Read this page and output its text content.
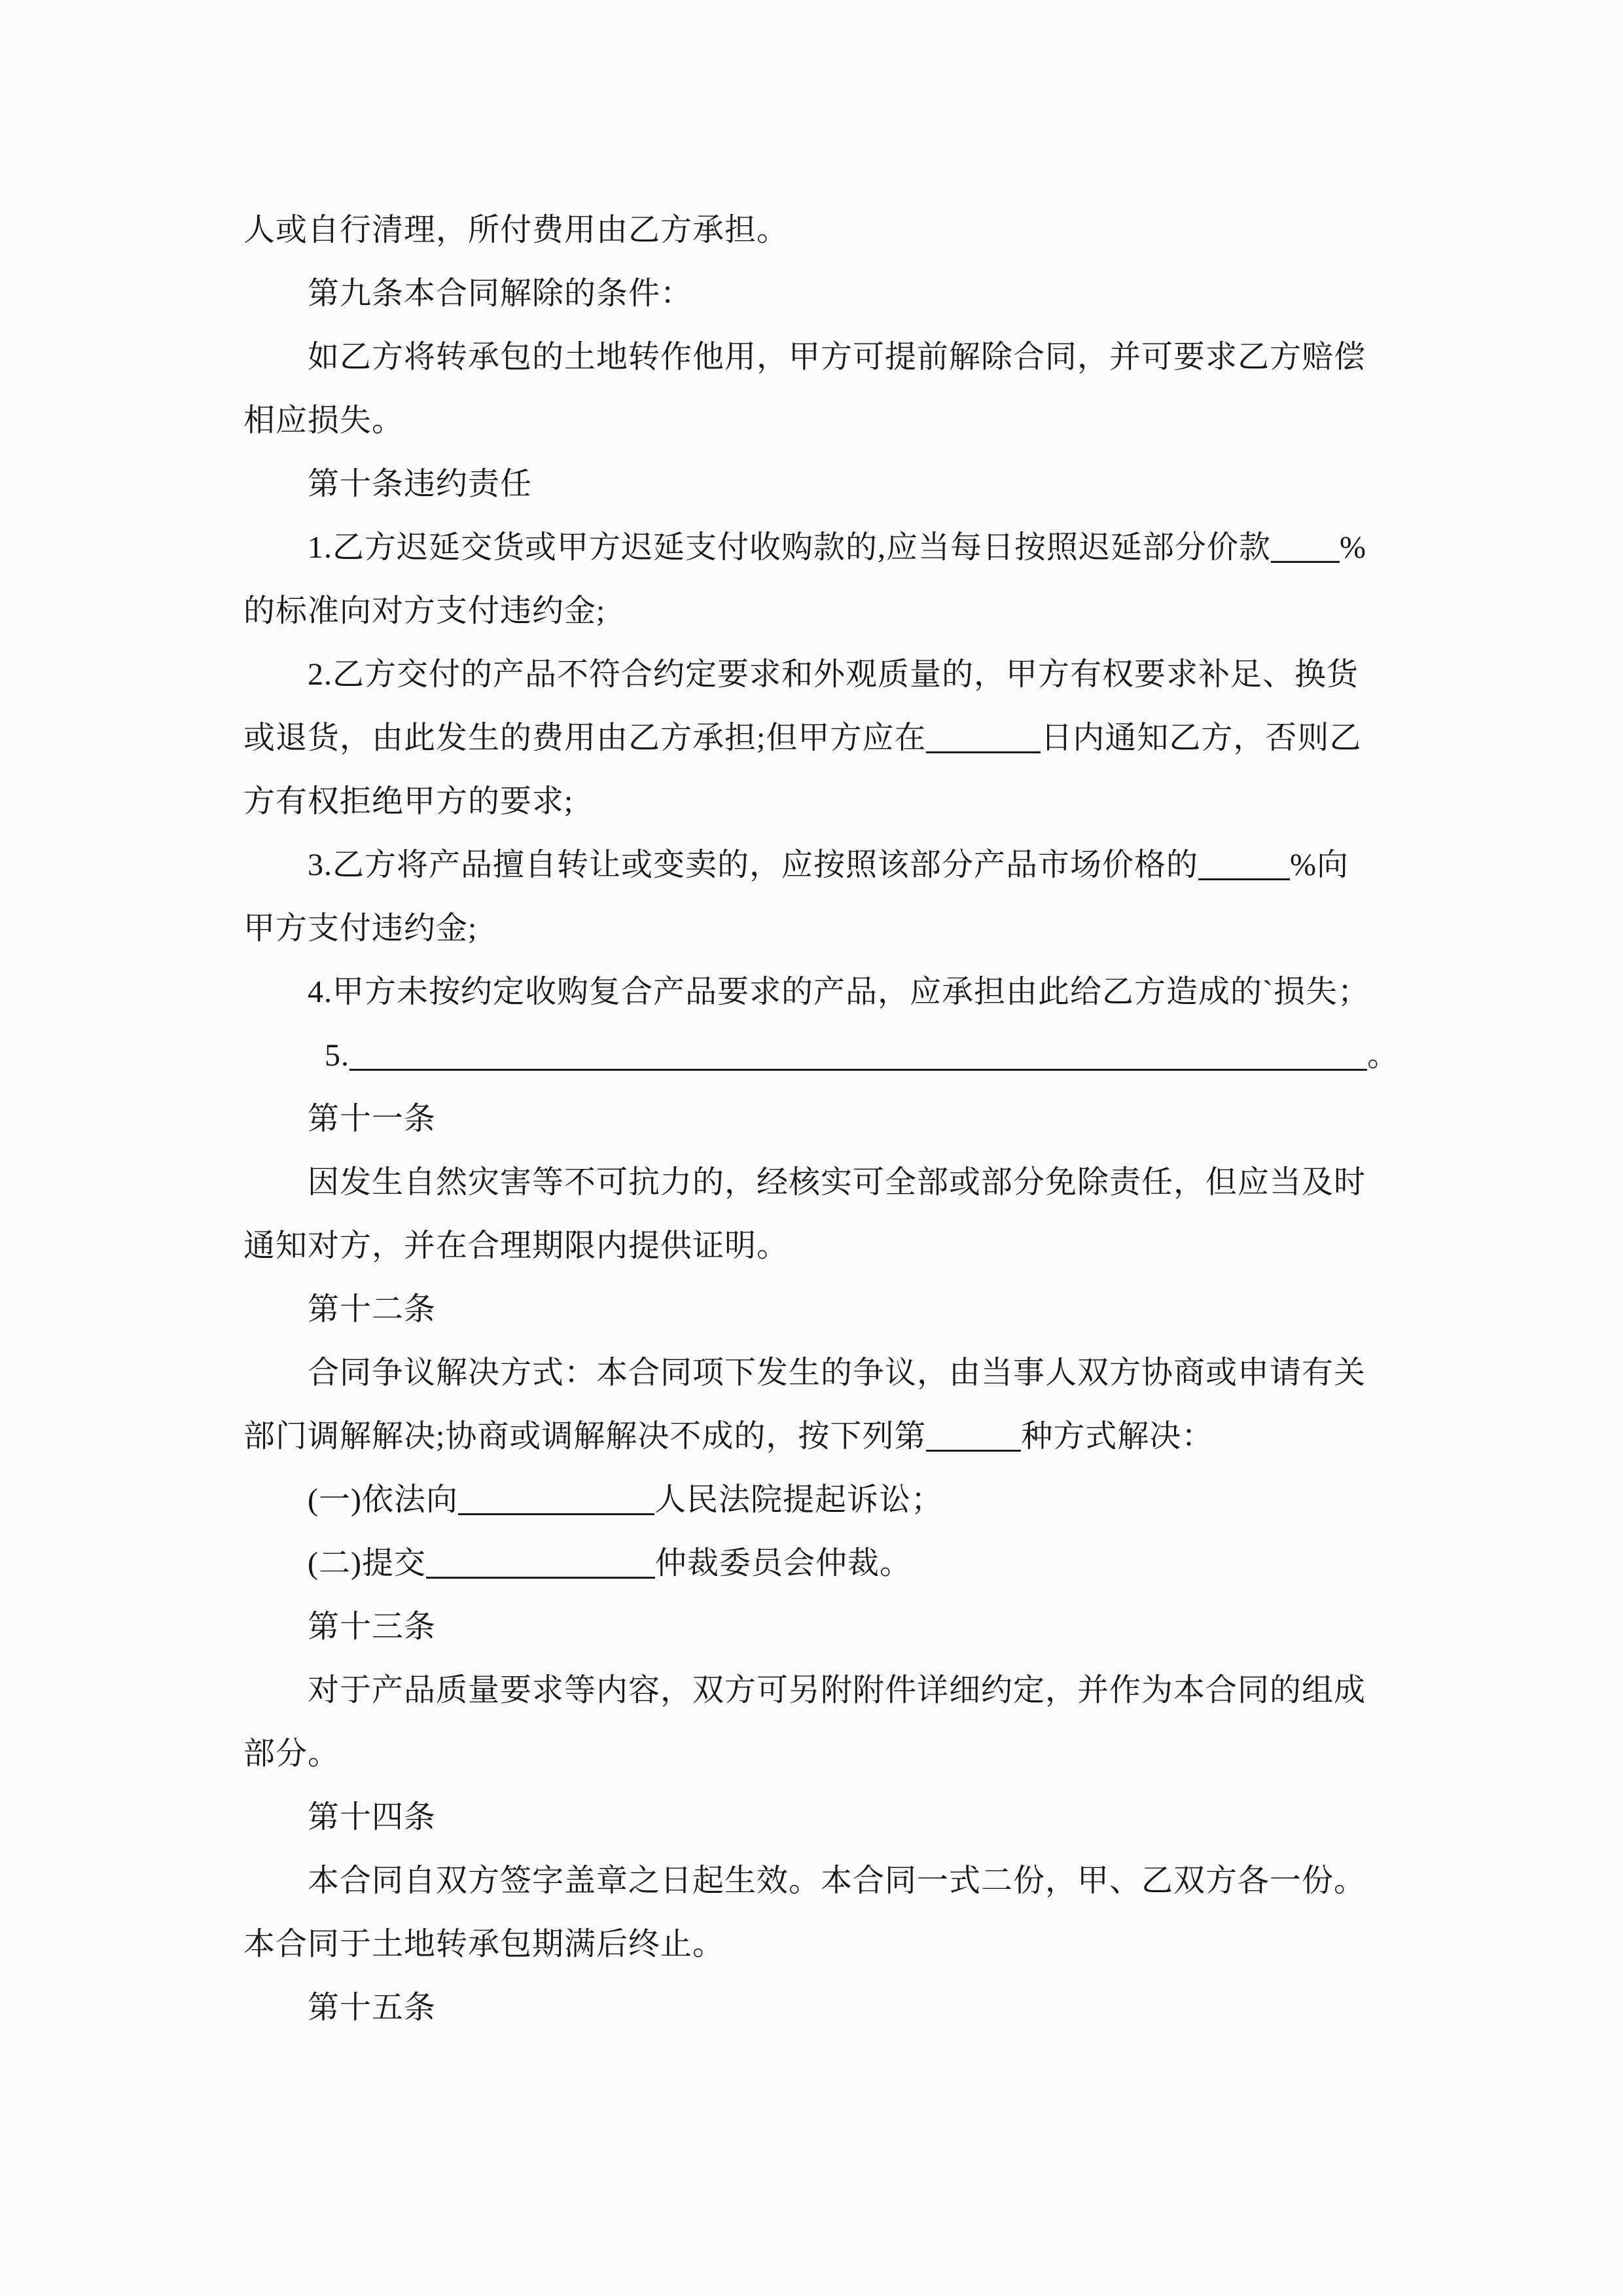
人或自行清理，所付费用由乙方承担。
第九条本合同解除的条件：
如乙方将转承包的土地转作他用，甲方可提前解除合同，并可要求乙方赔偿
相应损失。
第十条违约责任
1.乙方迟延交货或甲方迟延支付收购款的,应当每日按照迟延部分价款 %
的标准向对方支付违约金;
2.乙方交付的产品不符合约定要求和外观质量的，甲方有权要求补足、换货
或退货，由此发生的费用由乙方承担;但甲方应在	日内通知乙方，否则乙
方有权拒绝甲方的要求;
3.乙方将产品擅自转让或变卖的，应按照该部分产品市场价格的	%向
甲方支付违约金;
4.甲方未按约定收购复合产品要求的产品，应承担由此给乙方造成的`损失；
5.	。
第十一条
因发生自然灾害等不可抗力的，经核实可全部或部分免除责任，但应当及时
通知对方，并在合理期限内提供证明。
第十二条
合同争议解决方式：本合同项下发生的争议，由当事人双方协商或申请有关
部门调解解决;协商或调解解决不成的，按下列第	种方式解决：
(一)依法向	人民法院提起诉讼；
(二)提交	仲裁委员会仲裁。
第十三条
对于产品质量要求等内容，双方可另附附件详细约定，并作为本合同的组成
部分。
第十四条
本合同自双方签字盖章之日起生效。本合同一式二份，甲、乙双方各一份。
本合同于土地转承包期满后终止。
第十五条
